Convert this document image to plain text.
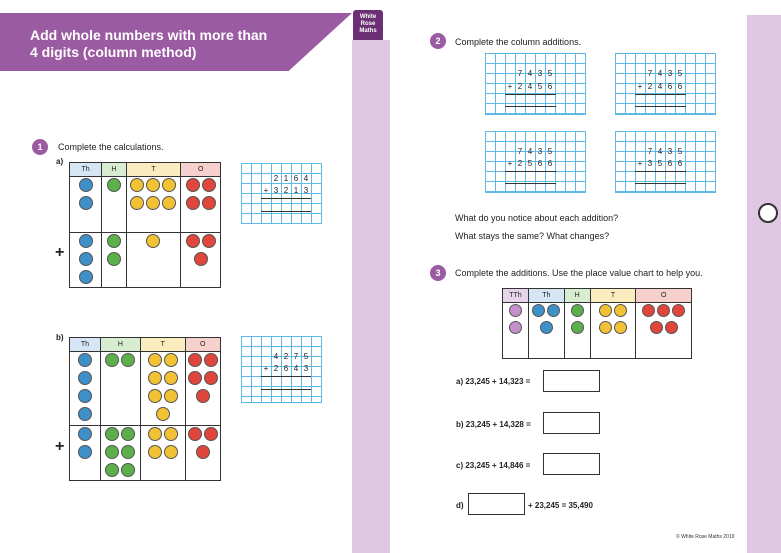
Add whole numbers with more than
4 digits (column method)
White
Rose
Maths
1	Complete the calculations.
a)
Th	H	T	O

+
2 1 6 4
+ 3 2 1 3
b)
Th	H	T	O

+
4 2 7 5
+ 2 6 4 3
2	Complete the column additions.
7 4 3 5
+ 2 4 5 6
7 4 3 5
+ 2 4 6 6
7 4 3 5
+ 2 5 6 6
7 4 3 5
+ 3 5 6 6
What do you notice about each addition?
What stays the same? What changes?
3	Complete the additions. Use the place value chart to help you.
TTh	Th	H	T	O

a) 23,245 + 14,323 =
b) 23,245 + 14,328 =
c) 23,245 + 14,846 =
d)	+ 23,245 = 35,490
© White Rose Maths 2019
